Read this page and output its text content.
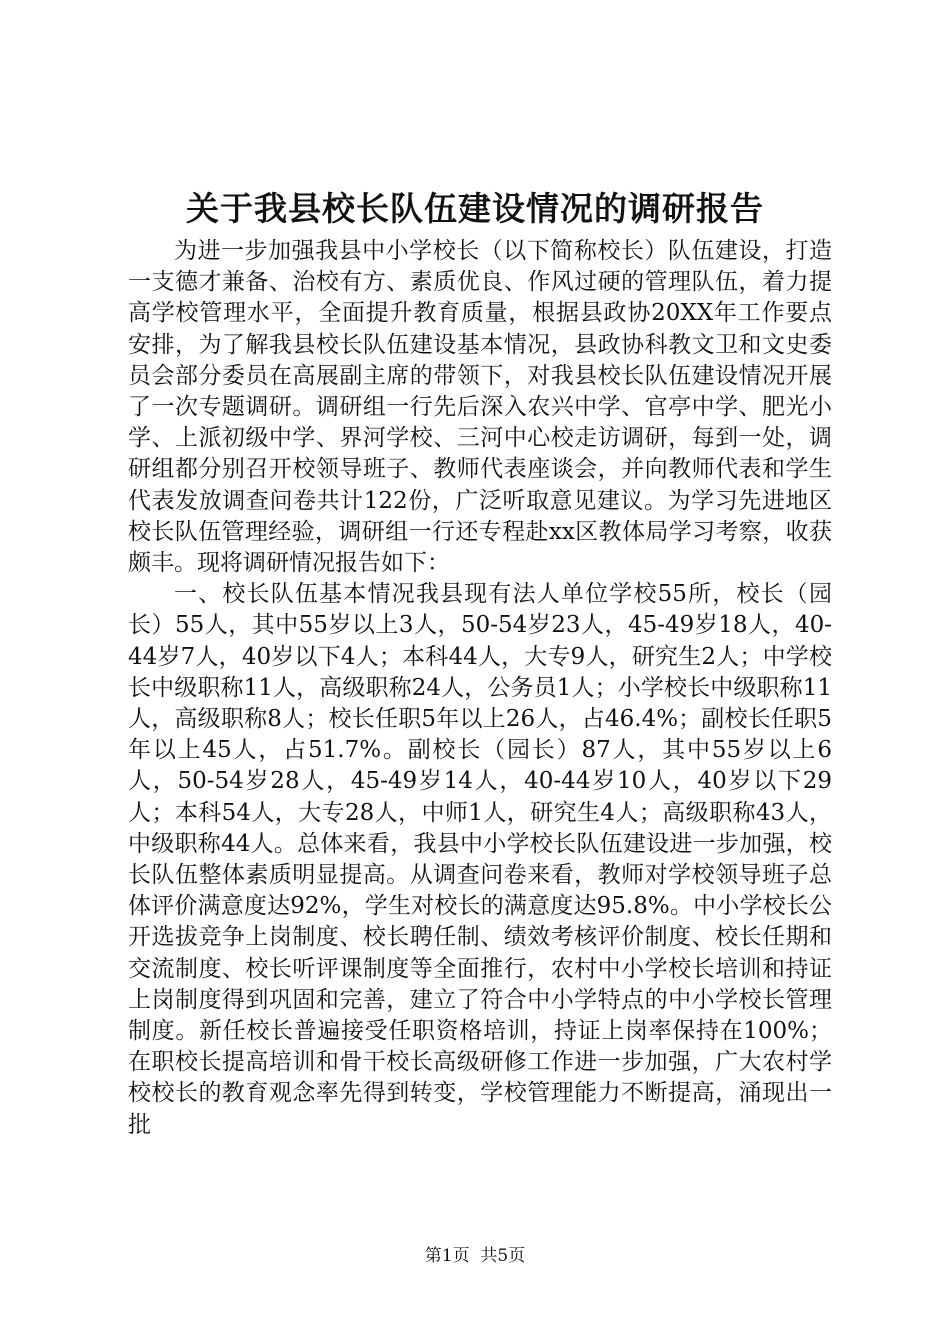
关于我县校长队伍建设情况的调研报告

为进一步加强我县中小学校长（以下简称校长）队伍建设，打造一支德才兼备、治校有方、素质优良、作风过硬的管理队伍，着力提高学校管理水平，全面提升教育质量，根据县政协20XX年工作要点安排，为了解我县校长队伍建设基本情况，县政协科教文卫和文史委员会部分委员在高展副主席的带领下，对我县校长队伍建设情况开展了一次专题调研。调研组一行先后深入农兴中学、官亭中学、肥光小学、上派初级中学、界河学校、三河中心校走访调研，每到一处，调研组都分别召开校领导班子、教师代表座谈会，并向教师代表和学生代表发放调查问卷共计122份，广泛听取意见建议。为学习先进地区校长队伍管理经验，调研组一行还专程赴xx区教体局学习考察，收获颇丰。现将调研情况报告如下：

一、校长队伍基本情况我县现有法人单位学校55所，校长（园长）55人，其中55岁以上3人，50-54岁23人，45-49岁18人，40-44岁7人，40岁以下4人；本科44人，大专9人，研究生2人；中学校长中级职称11人，高级职称24人，公务员1人；小学校长中级职称11人，高级职称8人；校长任职5年以上26人，占46.4%；副校长任职5年以上45人，占51.7%。副校长（园长）87人，其中55岁以上6人，50-54岁28人，45-49岁14人，40-44岁10人，40岁以下29人；本科54人，大专28人，中师1人，研究生4人；高级职称43人，中级职称44人。总体来看，我县中小学校长队伍建设进一步加强，校长队伍整体素质明显提高。从调查问卷来看，教师对学校领导班子总体评价满意度达92%，学生对校长的满意度达95.8%。中小学校长公开选拔竞争上岗制度、校长聘任制、绩效考核评价制度、校长任期和交流制度、校长听评课制度等全面推行，农村中小学校长培训和持证上岗制度得到巩固和完善，建立了符合中小学特点的中小学校长管理制度。新任校长普遍接受任职资格培训，持证上岗率保持在100%；在职校长提高培训和骨干校长高级研修工作进一步加强，广大农村学校校长的教育观念率先得到转变，学校管理能力不断提高，涌现出一批

第1页  共5页
